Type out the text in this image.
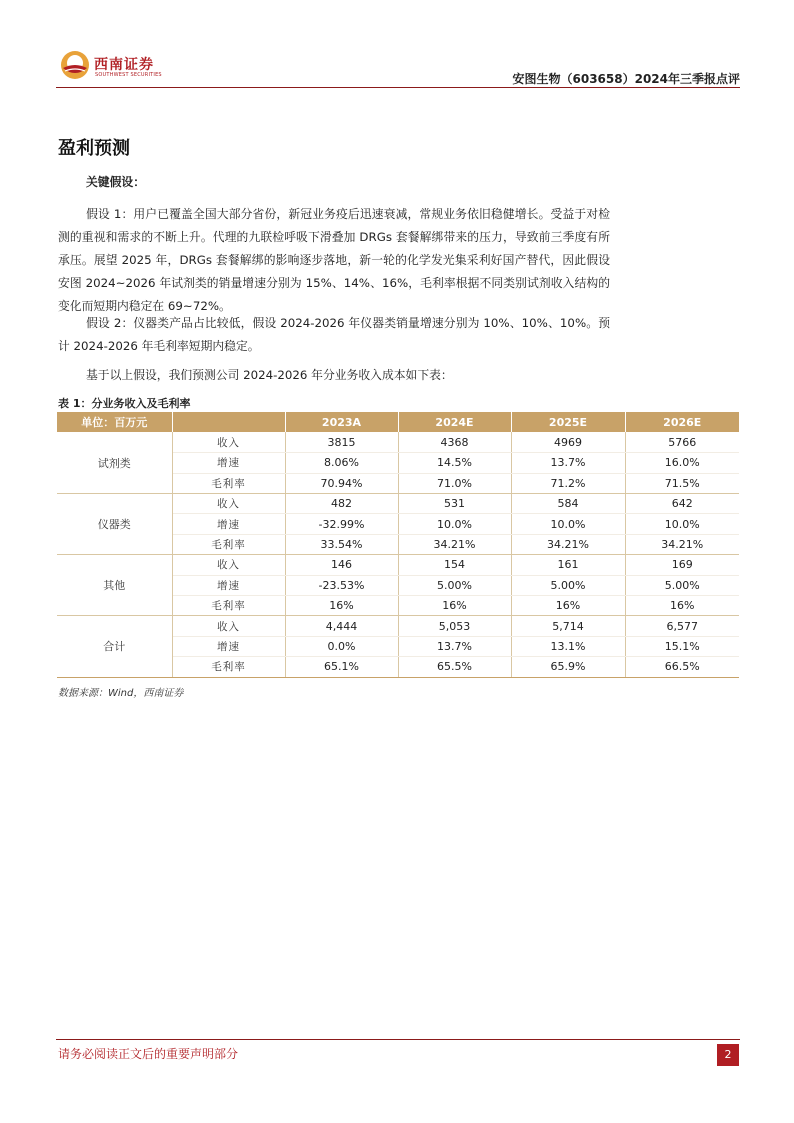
西南证券
SOUTHWEST SECURITIES	安图生物（603658）2024年三季报点评
盈利预测
关键假设：
假设 1：用户已覆盖全国大部分省份，新冠业务疫后迅速衰减，常规业务依旧稳健增长。受益于对检测的重视和需求的不断上升。代理的九联检呼吸下滑叠加 DRGs 套餐解绑带来的压力，导致前三季度有所承压。展望 2025 年，DRGs 套餐解绑的影响逐步落地，新一轮的化学发光集采利好国产替代，因此假设安图 2024~2026 年试剂类的销量增速分别为 15%、14%、16%，毛利率根据不同类别试剂收入结构的变化而短期内稳定在 69~72%。
假设 2：仪器类产品占比较低，假设 2024-2026 年仪器类销量增速分别为 10%、10%、10%。预计 2024-2026 年毛利率短期内稳定。
基于以上假设，我们预测公司 2024-2026 年分业务收入成本如下表：
表 1：分业务收入及毛利率
单位：百万元		2023A	2024E	2025E	2026E
试剂类	收入	3815	4368	4969	5766
	增速	8.06%	14.5%	13.7%	16.0%
	毛利率	70.94%	71.0%	71.2%	71.5%
仪器类	收入	482	531	584	642
	增速	-32.99%	10.0%	10.0%	10.0%
	毛利率	33.54%	34.21%	34.21%	34.21%
其他	收入	146	154	161	169
	增速	-23.53%	5.00%	5.00%	5.00%
	毛利率	16%	16%	16%	16%
合计	收入	4,444	5,053	5,714	6,577
	增速	0.0%	13.7%	13.1%	15.1%
	毛利率	65.1%	65.5%	65.9%	66.5%
数据来源：Wind，西南证券
请务必阅读正文后的重要声明部分	2
